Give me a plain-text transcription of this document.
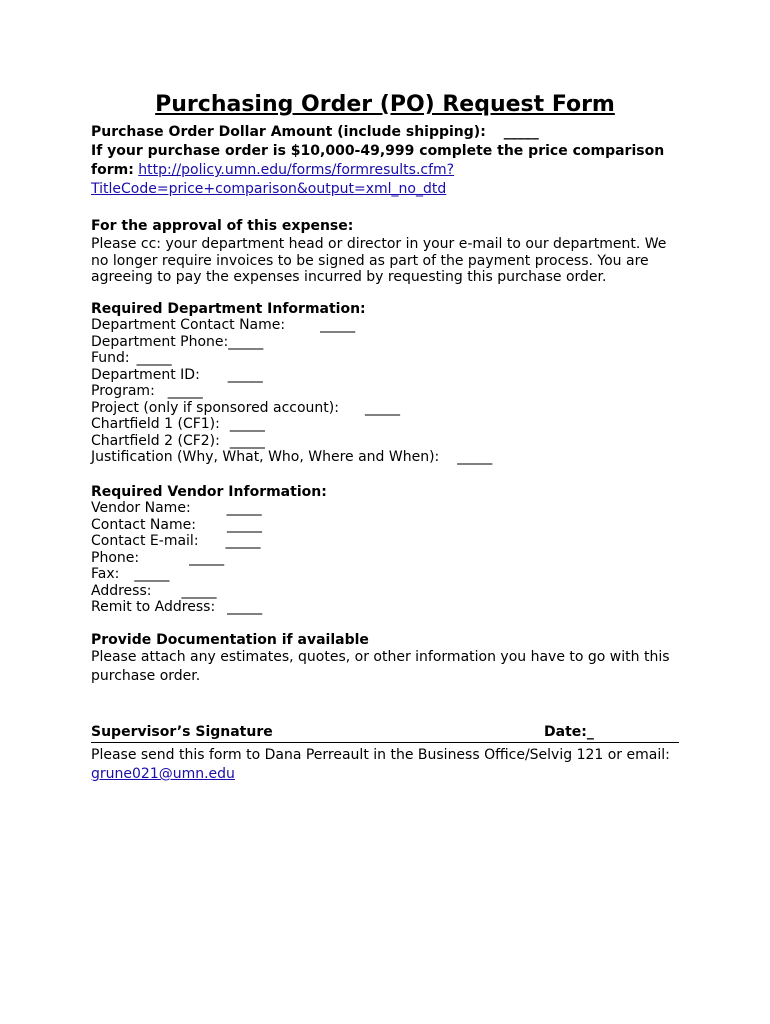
Purchasing Order (PO) Request Form
Purchase Order Dollar Amount (include shipping): _____
If your purchase order is $10,000-49,999 complete the price comparison
form: http://policy.umn.edu/forms/formresults.cfm?
TitleCode=price+comparison&output=xml_no_dtd
For the approval of this expense:
Please cc: your department head or director in your e-mail to our department. We
no longer require invoices to be signed as part of the payment process. You are
agreeing to pay the expenses incurred by requesting this purchase order.
Required Department Information:
Department Contact Name:	_____
Department Phone:_____
Fund: _____
Department ID: _____
Program: _____
Project (only if sponsored account): _____
Chartfield 1 (CF1): _____
Chartfield 2 (CF2): _____
Justification (Why, What, Who, Where and When): _____
Required Vendor Information:
Vendor Name:	_____
Contact Name: _____
Contact E-mail: _____
Phone:	_____
Fax: _____
Address: _____
Remit to Address: _____
Provide Documentation if available
Please attach any estimates, quotes, or other information you have to go with this
purchase order.
Supervisor’s Signature	Date:_
Please send this form to Dana Perreault in the Business Office/Selvig 121 or email:
grune021@umn.edu
